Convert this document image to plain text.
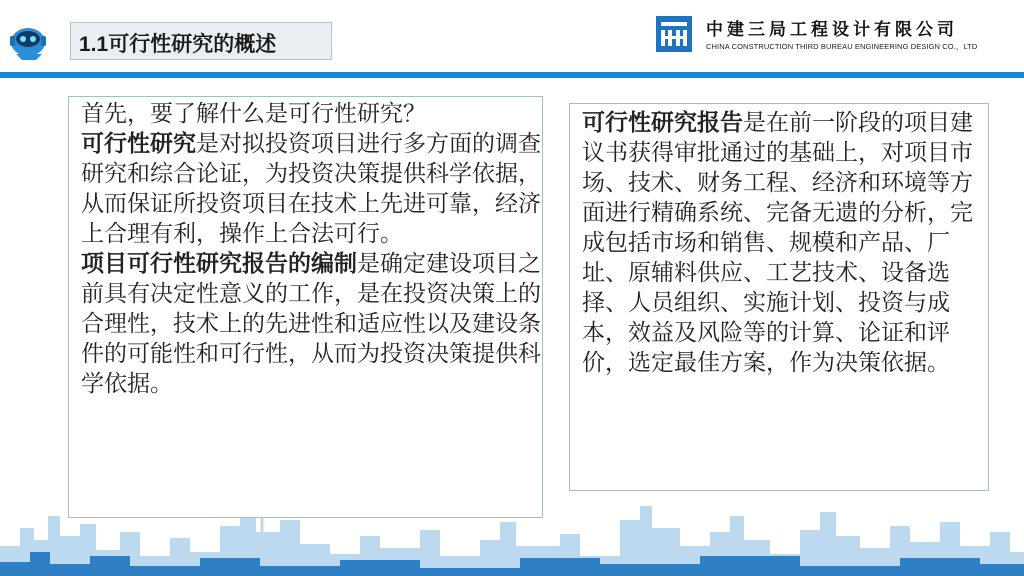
1.1可行性研究的概述
中建三局工程设计有限公司
CHINA CONSTRUCTION THIRD BUREAU ENGINEERING DESIGN CO.，LTD

首先，要了解什么是可行性研究？
可行性研究是对拟投资项目进行多方面的调查研究和综合论证，为投资决策提供科学依据，从而保证所投资项目在技术上先进可靠，经济上合理有利，操作上合法可行。
项目可行性研究报告的编制是确定建设项目之前具有决定性意义的工作，是在投资决策上的合理性，技术上的先进性和适应性以及建设条件的可能性和可行性，从而为投资决策提供科学依据。

可行性研究报告是在前一阶段的项目建议书获得审批通过的基础上，对项目市场、技术、财务工程、经济和环境等方面进行精确系统、完备无遗的分析，完成包括市场和销售、规模和产品、厂址、原辅料供应、工艺技术、设备选择、人员组织、实施计划、投资与成本，效益及风险等的计算、论证和评价，选定最佳方案，作为决策依据。
